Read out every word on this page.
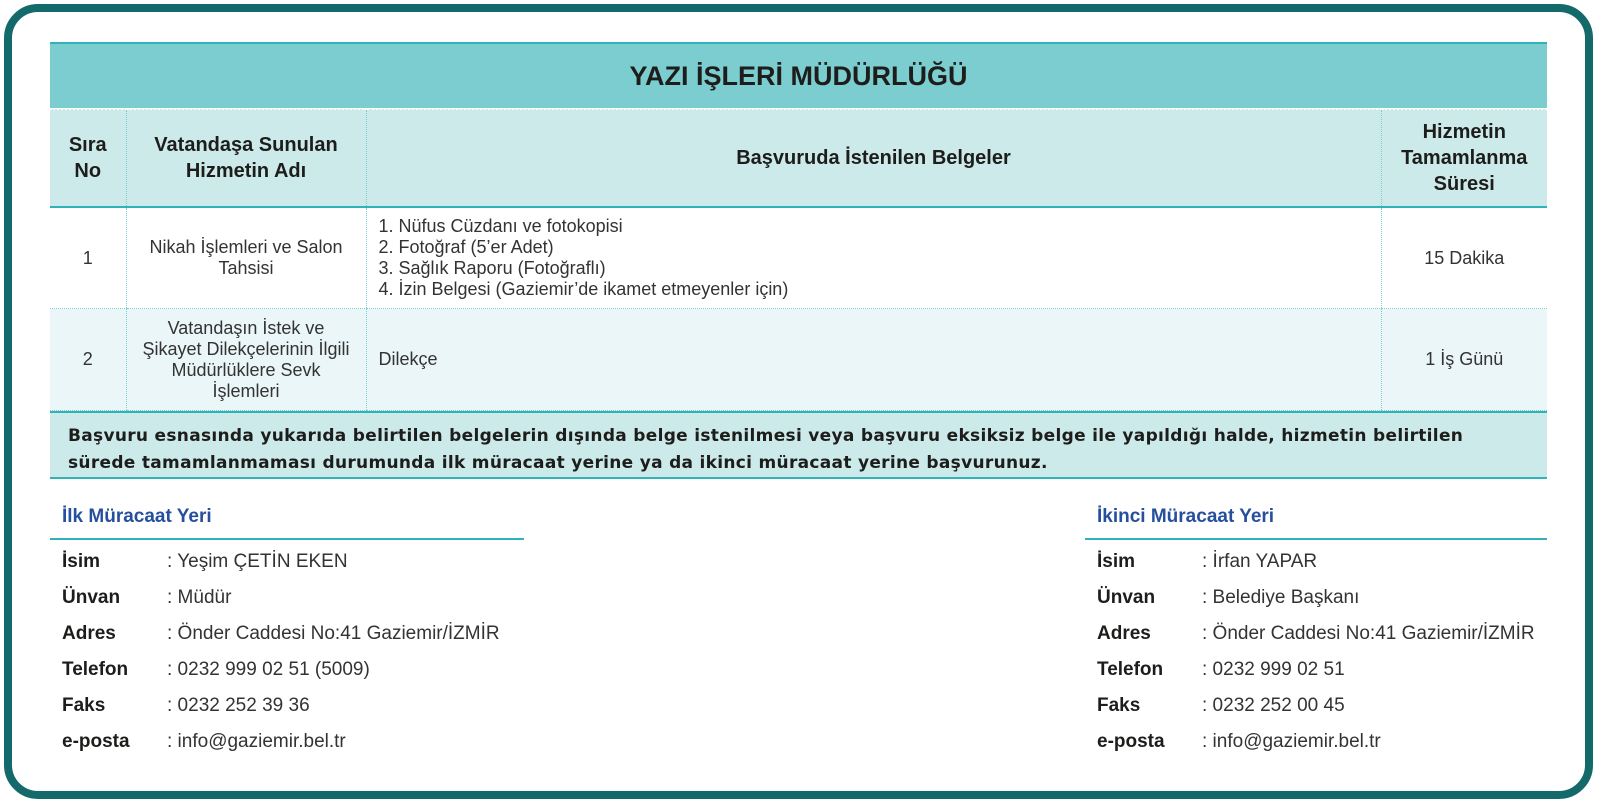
YAZI İŞLERİ MÜDÜRLÜĞÜ
Sıra No	Vatandaşa Sunulan Hizmetin Adı	Başvuruda İstenilen Belgeler	Hizmetin Tamamlanma Süresi
1	Nikah İşlemleri ve Salon Tahsisi	1. Nüfus Cüzdanı ve fotokopisi
2. Fotoğraf (5’er Adet)
3. Sağlık Raporu (Fotoğraflı)
4. İzin Belgesi (Gaziemir’de ikamet etmeyenler için)	15 Dakika
2	Vatandaşın İstek ve Şikayet Dilekçelerinin İlgili Müdürlüklere Sevk İşlemleri	Dilekçe	1 İş Günü
Başvuru esnasında yukarıda belirtilen belgelerin dışında belge istenilmesi veya başvuru eksiksiz belge ile yapıldığı halde, hizmetin belirtilen sürede tamamlanmaması durumunda ilk müracaat yerine ya da ikinci müracaat yerine başvurunuz.
İlk Müracaat Yeri
İsim	: Yeşim ÇETİN EKEN
Ünvan	: Müdür
Adres	: Önder Caddesi No:41 Gaziemir/İZMİR
Telefon	: 0232 999 02 51 (5009)
Faks	: 0232 252 39 36
e-posta	: info@gaziemir.bel.tr
İkinci Müracaat Yeri
İsim	: İrfan YAPAR
Ünvan	: Belediye Başkanı
Adres	: Önder Caddesi No:41 Gaziemir/İZMİR
Telefon	: 0232 999 02 51
Faks	: 0232 252 00 45
e-posta	: info@gaziemir.bel.tr
